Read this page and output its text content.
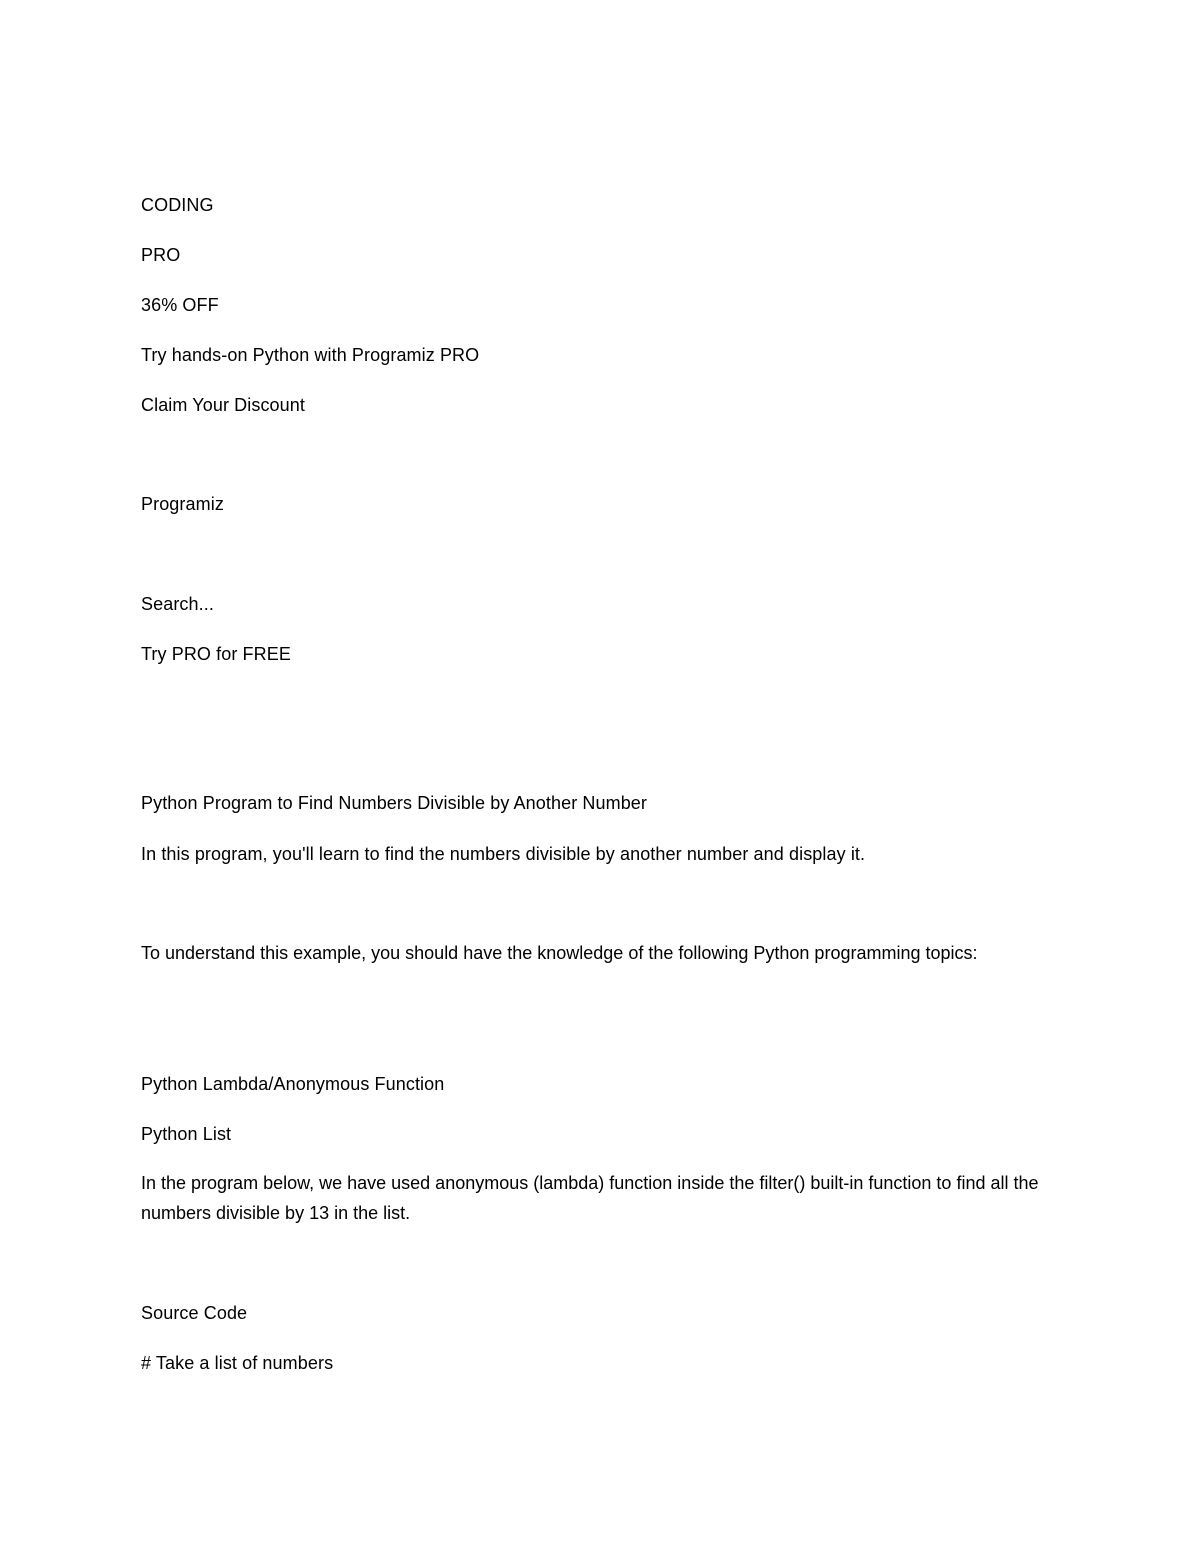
CODING
PRO
36% OFF
Try hands-on Python with Programiz PRO
Claim Your Discount
Programiz
Search...
Try PRO for FREE
Python Program to Find Numbers Divisible by Another Number
In this program, you'll learn to find the numbers divisible by another number and display it.
To understand this example, you should have the knowledge of the following Python programming topics:
Python Lambda/Anonymous Function
Python List
In the program below, we have used anonymous (lambda) function inside the filter() built-in function to find all the numbers divisible by 13 in the list.
Source Code
# Take a list of numbers
